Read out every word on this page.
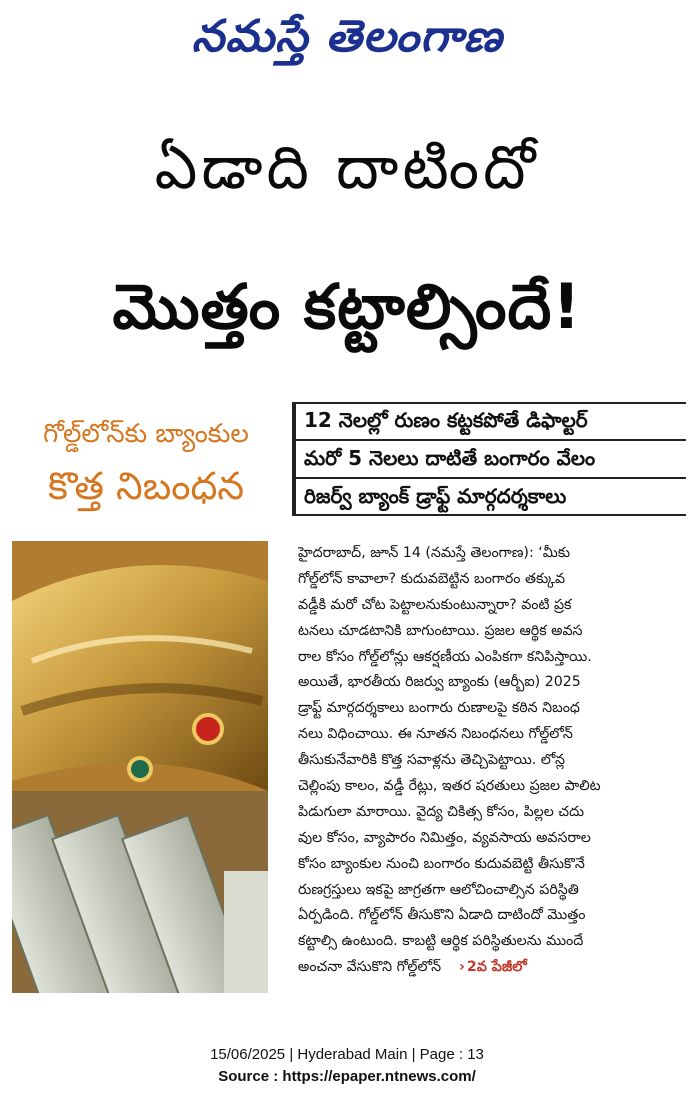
నమస్తే తెలంగాణ
ఏడాది దాటిందో
మొత్తం కట్టాల్సిందే!
గోల్డ్‌లోన్‌కు బ్యాంకుల
కొత్త నిబంధన
12 నెలల్లో రుణం కట్టకపోతే డిఫాల్టర్
మరో 5 నెలలు దాటితే బంగారం వేలం
రిజర్వ్‌ బ్యాంక్‌ డ్రాఫ్ట్‌ మార్గదర్శకాలు
హైదరాబాద్‌, జూన్‌ 14 (నమస్తే తెలంగాణ): ‘మీకు
గోల్డ్‌లోన్‌ కావాలా? కుదువబెట్టిన బంగారం తక్కువ
వడ్డీకి మరో చోట పెట్టాలనుకుంటున్నారా? వంటి ప్రక
టనలు చూడటానికి బాగుంటాయి. ప్రజల ఆర్థిక అవస
రాల కోసం గోల్డ్‌లోన్లు ఆకర్షణీయ ఎంపికగా కనిపిస్తాయి.
అయితే, భారతీయ రిజర్వు బ్యాంకు (ఆర్బీఐ) 2025
డ్రాఫ్ట్‌ మార్గదర్శకాలు బంగారు రుణాలపై కఠిన నిబంధ
నలు విధించాయి. ఈ నూతన నిబంధనలు గోల్డ్‌లోన్‌
తీసుకునేవారికి కొత్త సవాళ్లను తెచ్చిపెట్టాయి. లోన్ల
చెల్లింపు కాలం, వడ్డీ రేట్లు, ఇతర షరతులు ప్రజల పాలిట
పిడుగులా మారాయి. వైద్య చికిత్స కోసం, పిల్లల చదు
వుల కోసం, వ్యాపారం నిమిత్తం, వ్యవసాయ అవసరాల
కోసం బ్యాంకుల నుంచి బంగారం కుదువబెట్టి తీసుకొనే
రుణగ్రస్తులు ఇకపై జాగ్రతగా ఆలోచించాల్సిన పరిస్థితి
ఏర్పడింది. గోల్డ్‌లోన్‌ తీసుకొని ఏడాది దాటిందో మొత్తం
కట్టాల్సి ఉంటుంది. కాబట్టి ఆర్థిక పరిస్థితులను ముందే
అంచనా వేసుకొని గోల్డ్‌లోన్‌ › 2వ పేజీలో
15/06/2025 | Hyderabad Main | Page : 13
Source : https://epaper.ntnews.com/
